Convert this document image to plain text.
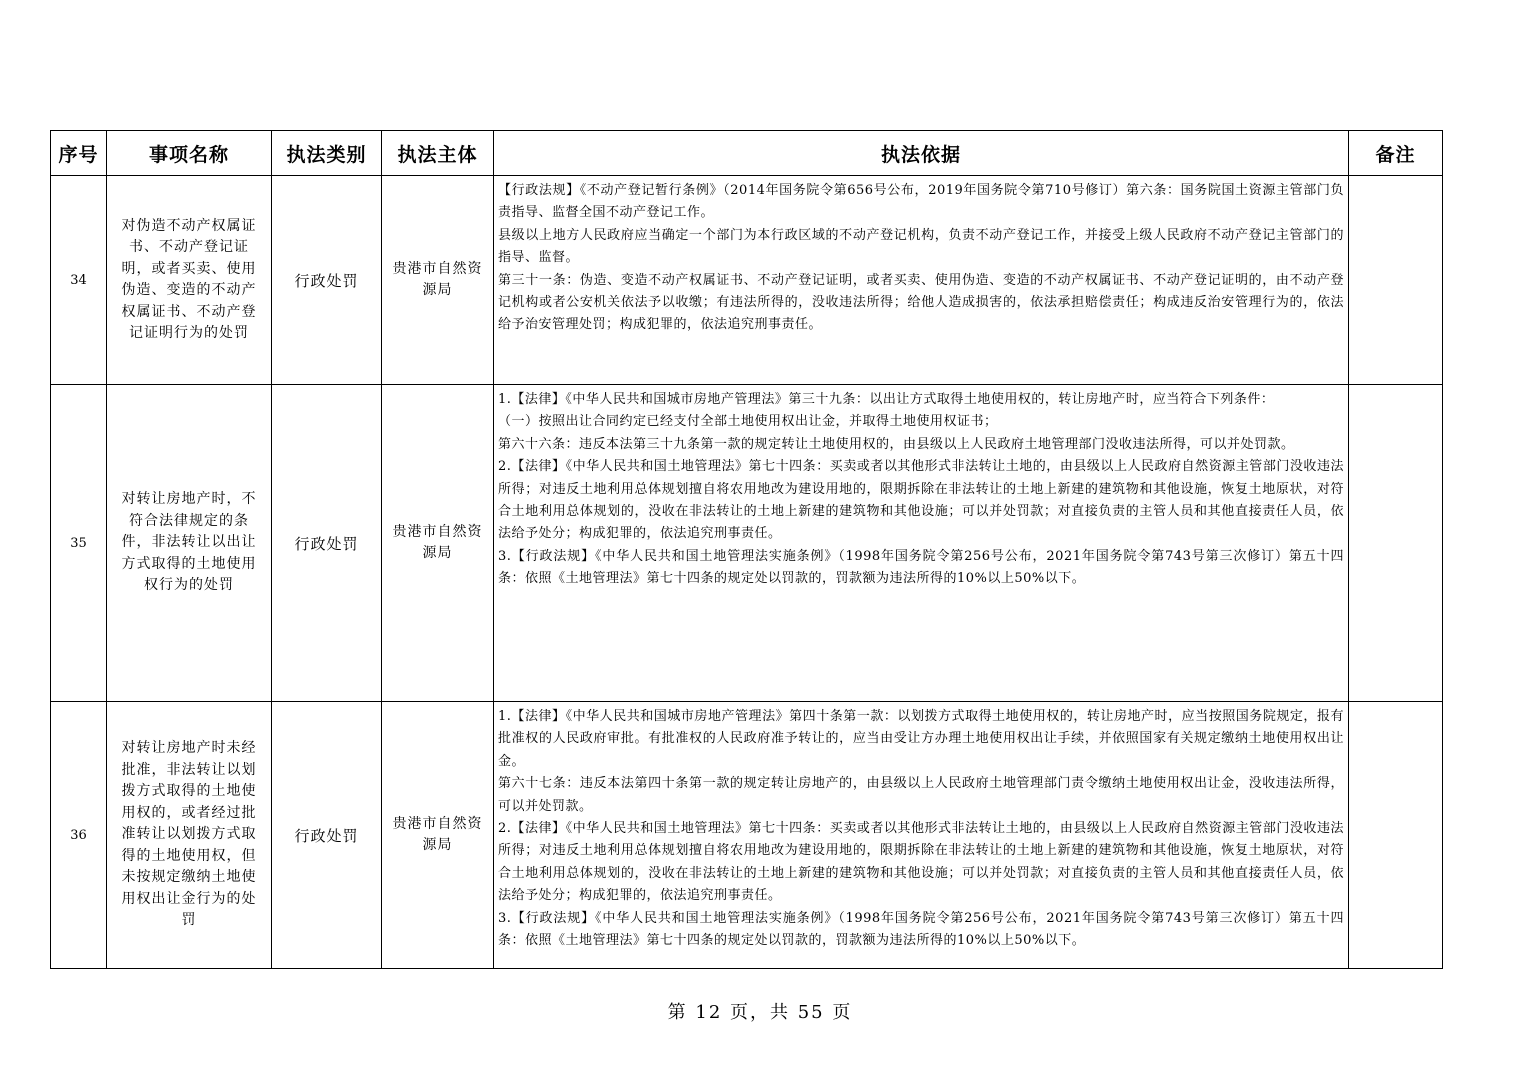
序号	事项名称	执法类别	执法主体	执法依据	备注
34	对伪造不动产权属证书、不动产登记证明，或者买卖、使用伪造、变造的不动产权属证书、不动产登记证明行为的处罚	行政处罚	贵港市自然资源局	【行政法规】《不动产登记暂行条例》（2014年国务院令第656号公布，2019年国务院令第710号修订）第六条：国务院国土资源主管部门负责指导、监督全国不动产登记工作。

县级以上地方人民政府应当确定一个部门为本行政区域的不动产登记机构，负责不动产登记工作，并接受上级人民政府不动产登记主管部门的指导、监督。

第三十一条：伪造、变造不动产权属证书、不动产登记证明，或者买卖、使用伪造、变造的不动产权属证书、不动产登记证明的，由不动产登记机构或者公安机关依法予以收缴；有违法所得的，没收违法所得；给他人造成损害的，依法承担赔偿责任；构成违反治安管理行为的，依法给予治安管理处罚；构成犯罪的，依法追究刑事责任。	

35	对转让房地产时，不符合法律规定的条件，非法转让以出让方式取得的土地使用权行为的处罚	行政处罚	贵港市自然资源局	1.【法律】《中华人民共和国城市房地产管理法》第三十九条：以出让方式取得土地使用权的，转让房地产时，应当符合下列条件：

（一）按照出让合同约定已经支付全部土地使用权出让金，并取得土地使用权证书；

第六十六条：违反本法第三十九条第一款的规定转让土地使用权的，由县级以上人民政府土地管理部门没收违法所得，可以并处罚款。

2.【法律】《中华人民共和国土地管理法》第七十四条：买卖或者以其他形式非法转让土地的，由县级以上人民政府自然资源主管部门没收违法所得；对违反土地利用总体规划擅自将农用地改为建设用地的，限期拆除在非法转让的土地上新建的建筑物和其他设施，恢复土地原状，对符合土地利用总体规划的，没收在非法转让的土地上新建的建筑物和其他设施；可以并处罚款；对直接负责的主管人员和其他直接责任人员，依法给予处分；构成犯罪的，依法追究刑事责任。

3.【行政法规】《中华人民共和国土地管理法实施条例》（1998年国务院令第256号公布，2021年国务院令第743号第三次修订）第五十四条：依照《土地管理法》第七十四条的规定处以罚款的，罚款额为违法所得的10%以上50%以下。	

36	对转让房地产时未经批准，非法转让以划拨方式取得的土地使用权的，或者经过批准转让以划拨方式取得的土地使用权，但未按规定缴纳土地使用权出让金行为的处罚	行政处罚	贵港市自然资源局	1.【法律】《中华人民共和国城市房地产管理法》第四十条第一款：以划拨方式取得土地使用权的，转让房地产时，应当按照国务院规定，报有批准权的人民政府审批。有批准权的人民政府准予转让的，应当由受让方办理土地使用权出让手续，并依照国家有关规定缴纳土地使用权出让金。

第六十七条：违反本法第四十条第一款的规定转让房地产的，由县级以上人民政府土地管理部门责令缴纳土地使用权出让金，没收违法所得，可以并处罚款。

2.【法律】《中华人民共和国土地管理法》第七十四条：买卖或者以其他形式非法转让土地的，由县级以上人民政府自然资源主管部门没收违法所得；对违反土地利用总体规划擅自将农用地改为建设用地的，限期拆除在非法转让的土地上新建的建筑物和其他设施，恢复土地原状，对符合土地利用总体规划的，没收在非法转让的土地上新建的建筑物和其他设施；可以并处罚款；对直接负责的主管人员和其他直接责任人员，依法给予处分；构成犯罪的，依法追究刑事责任。

3.【行政法规】《中华人民共和国土地管理法实施条例》（1998年国务院令第256号公布，2021年国务院令第743号第三次修订）第五十四条：依照《土地管理法》第七十四条的规定处以罚款的，罚款额为违法所得的10%以上50%以下。	

第 12 页，共 55 页
